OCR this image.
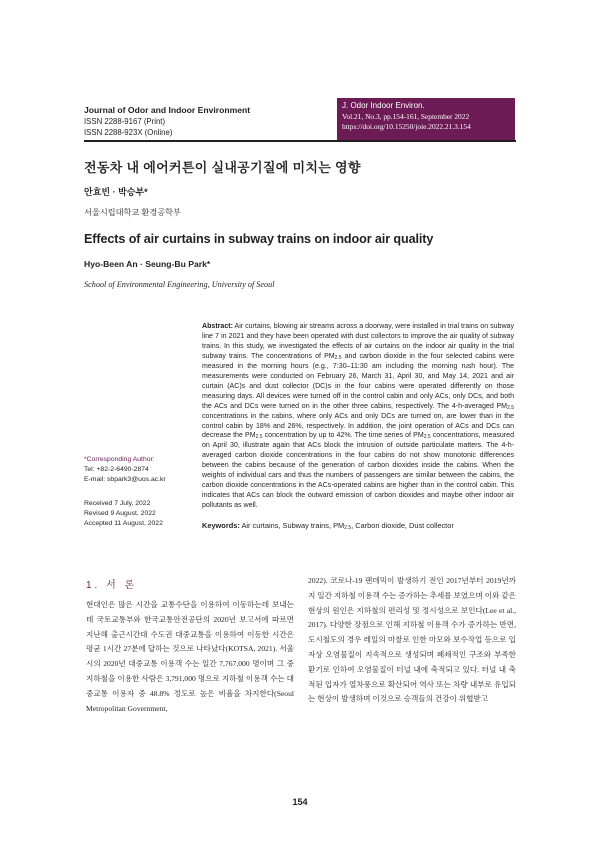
Journal of Odor and Indoor Environment
ISSN 2288-9167 (Print)
ISSN 2288-923X (Online)
J. Odor Indoor Environ.
Vol.21, No.3, pp.154-161, September 2022
https://doi.org/10.15250/joie.2022.21.3.154
전동차 내 에어커튼이 실내공기질에 미치는 영향
안효빈 · 박승부*
서울시립대학교 환경공학부
Effects of air curtains in subway trains on indoor air quality
Hyo-Been An · Seung-Bu Park*
School of Environmental Engineering, University of Seoul
Abstract: Air curtains, blowing air streams across a doorway, were installed in trial trains on subway line 7 in 2021 and they have been operated with dust collectors to improve the air quality of subway trains. In this study, we investigated the effects of air curtains on the indoor air quality in the trial subway trains. The concentrations of $PM_{2.5}$ and carbon dioxide in the four selected cabins were measured in the morning hours (e.g., 7:30–11:30 am including the morning rush hour). The measurements were conducted on February 26, March 31, April 30, and May 14, 2021 and air curtain (AC)s and dust collector (DC)s in the four cabins were operated differently on those measuring days. All devices were turned off in the control cabin and only ACs, only DCs, and both the ACs and DCs were turned on in the other three cabins, respectively. The 4-h-averaged $PM_{2.5}$ concentrations in the cabins, where only ACs and only DCs are turned on, are lower than in the control cabin by 18% and 26%, respectively. In addition, the joint operation of ACs and DCs can decrease the $PM_{2.5}$ concentration by up to 42%. The time series of $PM_{2.5}$ concentrations, measured on April 30, illustrate again that ACs block the intrusion of outside particulate matters. The 4-h-averaged carbon dioxide concentrations in the four cabins do not show monotonic differences between the cabins because of the generation of carbon dioxides inside the cabins. When the weights of individual cars and thus the numbers of passengers are similar between the cabins, the carbon dioxide concentrations in the ACs-operated cabins are higher than in the control cabin. This indicates that ACs can block the outward emission of carbon dioxides and maybe other indoor air pollutants as well.
Keywords: Air curtains, Subway trains, $PM_{2.5}$, Carbon dioxide, Dust collector
*Corresponding Author:
Tel: +82-2-6490-2874
E-mail: sbpark3@uos.ac.kr
Received 7 July, 2022
Revised 9 August, 2022
Accepted 11 August, 2022
1. 서 론
현대인은 많은 시간을 교통수단을 이용하여 이동하는데 보내는데 국토교통부와 한국교통안전공단의 2020년 보고서에 따르면 지난해 출근시간대 수도권 대중교통을 이용하여 이동한 시간은 평균 1시간 27분에 달하는 것으로 나타났다(KOTSA, 2021). 서울시의 2020년 대중교통 이용객 수는 일간 7,767,000 명이며 그 중 지하철을 이용한 사람은 3,791,000 명으로 지하철 이용객 수는 대중교통 이용자 중 48.8% 정도로 높은 비율을 차지한다(Seoul Metropolitan Government,
2022). 코로나-19 팬데믹이 발생하기 전인 2017년부터 2019년까지 일간 지하철 이용객 수는 증가하는 추세를 보였으며 이와 같은 현상의 원인은 지하철의 편리성 및 정시성으로 보인다(Lee et al., 2017). 다양한 장점으로 인해 지하철 이용객 수가 증가하는 반면, 도시철도의 경우 레일의 마찰로 인한 마모와 보수작업 등으로 입자상 오염물질이 지속적으로 생성되며 폐쇄적인 구조와 부족한 환기로 인하여 오염물질이 터널 내에 축적되고 있다. 터널 내 축적된 입자가 열차풍으로 확산되어 역사 또는 차량 내부로 유입되는 현상이 발생하며 이것으로 승객들의 건강이 위협받고
154
